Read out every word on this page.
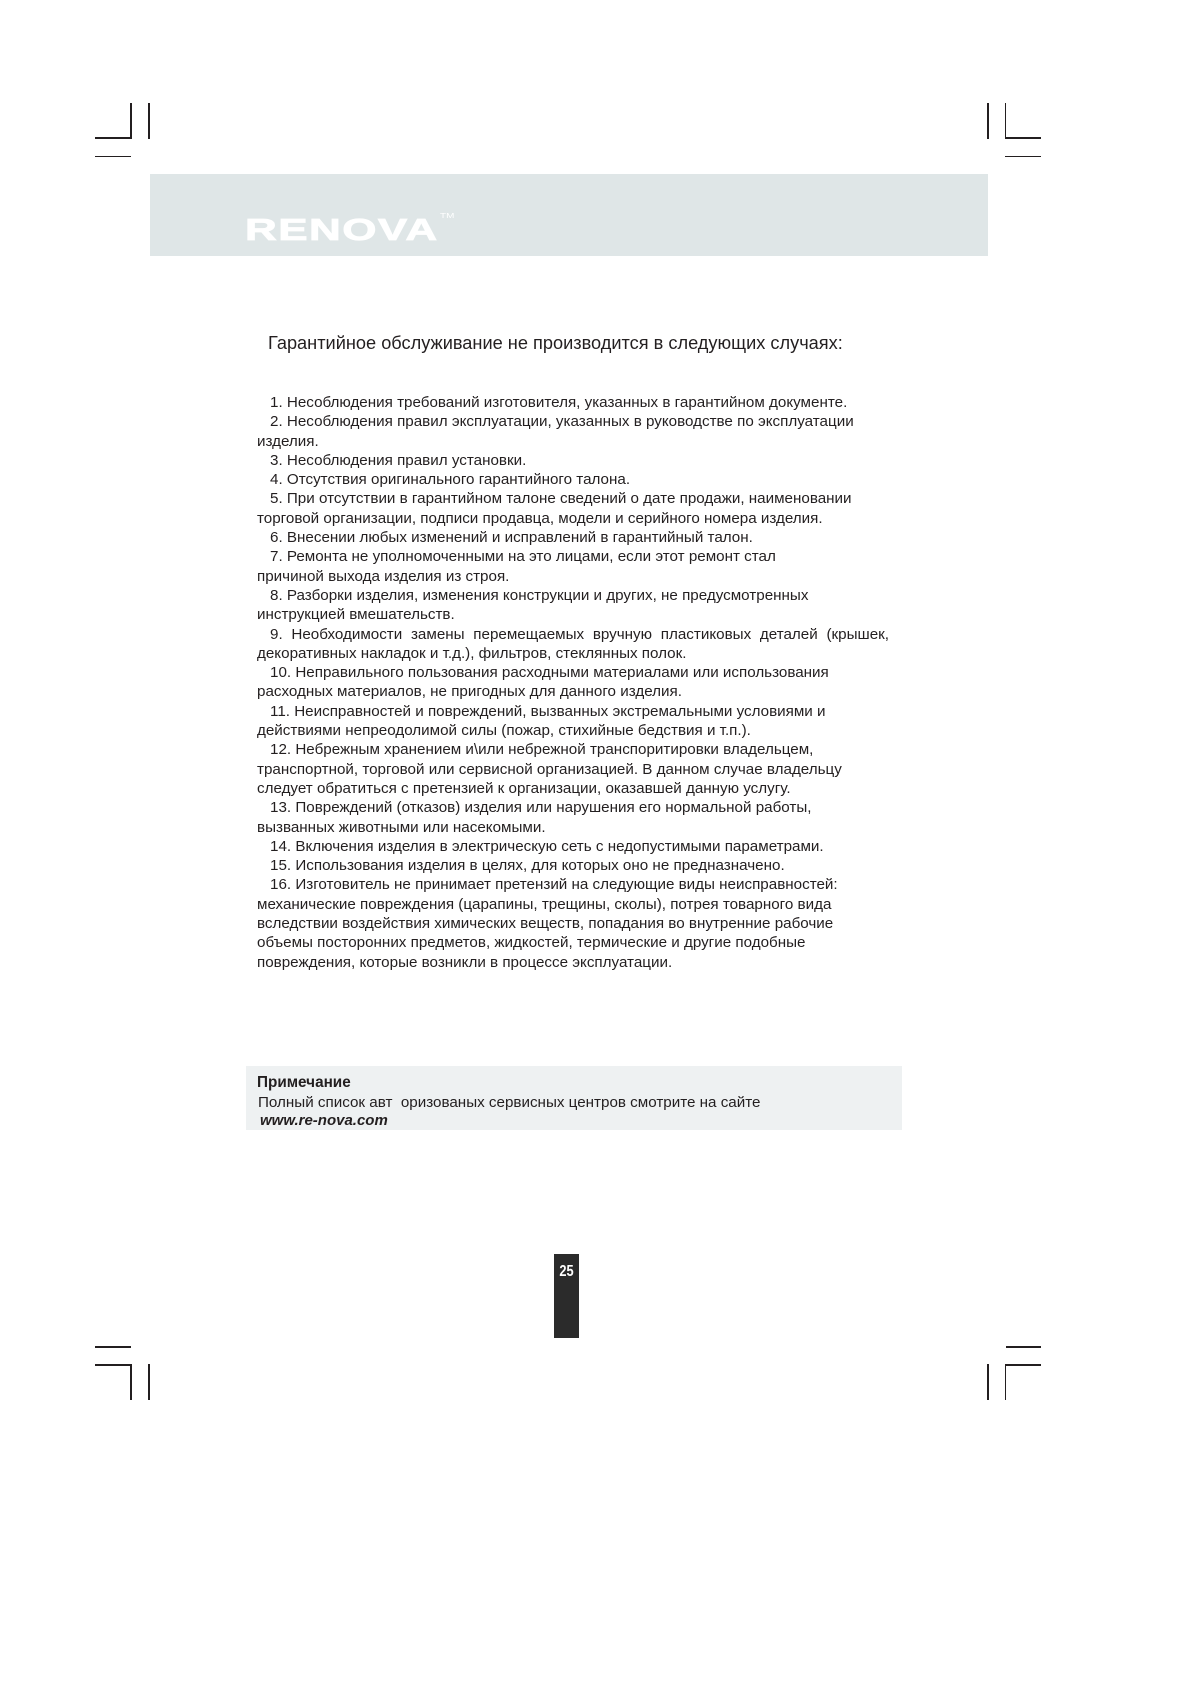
RENOVA™
Гарантийное обслуживание не производится в следующих случаях:

1. Несоблюдения требований изготовителя, указанных в гарантийном документе.

2. Несоблюдения правил эксплуатации, указанных в руководстве по эксплуатации изделия.

3. Несоблюдения правил установки.

4. Отсутствия оригинального гарантийного талона.

5. При отсутствии в гарантийном талоне сведений о дате продажи, наименовании торговой организации, подписи продавца, модели и серийного номера изделия.

6. Внесении любых изменений и исправлений в гарантийный талон.

7. Ремонта не уполномоченными на это лицами, если этот ремонт стал причиной выхода изделия из строя.

8. Разборки изделия, изменения конструкции и других, не предусмотренных инструкцией вмешательств.

9. Необходимости замены перемещаемых вручную пластиковых деталей (крышек, декоративных накладок и т.д.), фильтров, стеклянных полок.

10. Неправильного пользования расходными материалами или использования расходных материалов, не пригодных для данного изделия.

11. Неисправностей и повреждений, вызванных экстремальными условиями и действиями непреодолимой силы (пожар, стихийные бедствия и т.п.).

12. Небрежным хранением и\или небрежной транспоритировки владельцем, транспортной, торговой или сервисной организацией. В данном случае владельцу следует обратиться с претензией к организации, оказавшей данную услугу.

13. Повреждений (отказов) изделия или нарушения его нормальной работы, вызванных животными или насекомыми.

14. Включения изделия в электрическую сеть с недопустимыми параметрами.

15. Использования изделия в целях, для которых оно не предназначено.

16. Изготовитель не принимает претензий на следующие виды неисправностей: механические повреждения (царапины, трещины, сколы), потрея товарного вида вследствии воздействия химических веществ, попадания во внутренние рабочие объемы посторонних предметов, жидкостей, термические и другие подобные повреждения, которые возникли в процессе эксплуатации.

Примечание
Полный список авт  оризованых сервисных центров смотрите на сайте
www.re-nova.com
25
